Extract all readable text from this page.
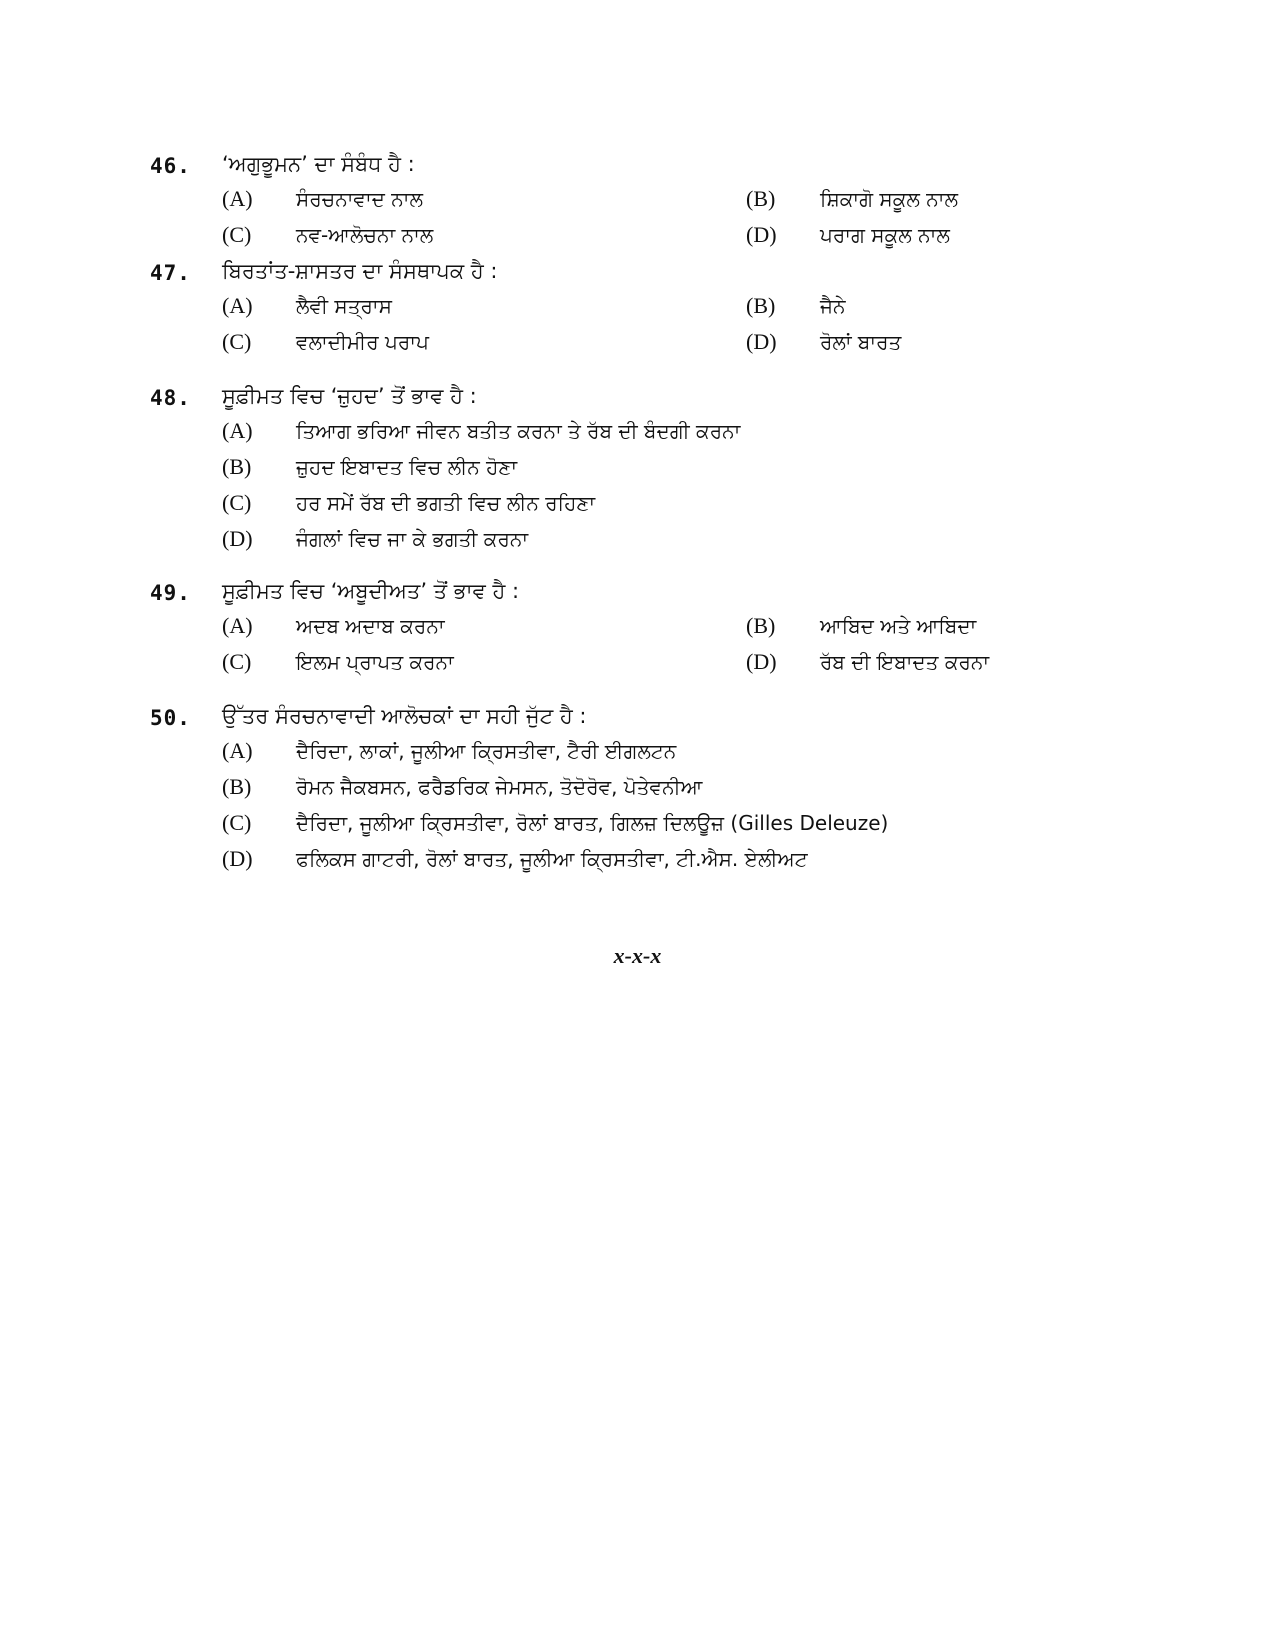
46. ‘ਅਗੁਭੂਮਨ’ ਦਾ ਸੰਬੰਧ ਹੈ :
(A) ਸੰਰਚਨਾਵਾਦ ਨਾਲ	(B) ਸ਼ਿਕਾਗੋ ਸਕੂਲ ਨਾਲ
(C) ਨਵ-ਆਲੋਚਨਾ ਨਾਲ	(D) ਪਰਾਗ ਸਕੂਲ ਨਾਲ
47. ਬਿਰਤਾਂਤ-ਸ਼ਾਸਤਰ ਦਾ ਸੰਸਥਾਪਕ ਹੈ :
(A) ਲੈਵੀ ਸਤ੍ਰਾਸ	(B) ਜੈਨੇ
(C) ਵਲਾਦੀਮੀਰ ਪਰਾਪ	(D) ਰੋਲਾਂ ਬਾਰਤ
48. ਸੂਫ਼ੀਮਤ ਵਿਚ ‘ਜ਼ੁਹਦ’ ਤੋਂ ਭਾਵ ਹੈ :
(A) ਤਿਆਗ ਭਰਿਆ ਜੀਵਨ ਬਤੀਤ ਕਰਨਾ ਤੇ ਰੱਬ ਦੀ ਬੰਦਗੀ ਕਰਨਾ
(B) ਜ਼ੁਹਦ ਇਬਾਦਤ ਵਿਚ ਲੀਨ ਹੋਣਾ
(C) ਹਰ ਸਮੇਂ ਰੱਬ ਦੀ ਭਗਤੀ ਵਿਚ ਲੀਨ ਰਹਿਣਾ
(D) ਜੰਗਲਾਂ ਵਿਚ ਜਾ ਕੇ ਭਗਤੀ ਕਰਨਾ
49. ਸੂਫ਼ੀਮਤ ਵਿਚ ‘ਅਬੂਦੀਅਤ’ ਤੋਂ ਭਾਵ ਹੈ :
(A) ਅਦਬ ਅਦਾਬ ਕਰਨਾ	(B) ਆਬਿਦ ਅਤੇ ਆਬਿਦਾ
(C) ਇਲਮ ਪ੍ਰਾਪਤ ਕਰਨਾ	(D) ਰੱਬ ਦੀ ਇਬਾਦਤ ਕਰਨਾ
50. ਉੱਤਰ ਸੰਰਚਨਾਵਾਦੀ ਆਲੋਚਕਾਂ ਦਾ ਸਹੀ ਜੁੱਟ ਹੈ :
(A) ਦੈਰਿਦਾ, ਲਾਕਾਂ, ਜੂਲੀਆ ਕ੍ਰਿਸਤੀਵਾ, ਟੈਰੀ ਈਗਲਟਨ
(B) ਰੋਮਨ ਜੈਕਬਸਨ, ਫਰੈਡਰਿਕ ਜੇਮਸਨ, ਤੋਦੋਰੋਵ, ਪੋਤੇਵਨੀਆ
(C) ਦੈਰਿਦਾ, ਜੂਲੀਆ ਕ੍ਰਿਸਤੀਵਾ, ਰੋਲਾਂ ਬਾਰਤ, ਗਿਲਜ਼ ਦਿਲਊਜ਼ (Gilles Deleuze)
(D) ਫਲਿਕਸ ਗਾਟਰੀ, ਰੋਲਾਂ ਬਾਰਤ, ਜੂਲੀਆ ਕ੍ਰਿਸਤੀਵਾ, ਟੀ.ਐਸ. ਏਲੀਅਟ
x-x-x
